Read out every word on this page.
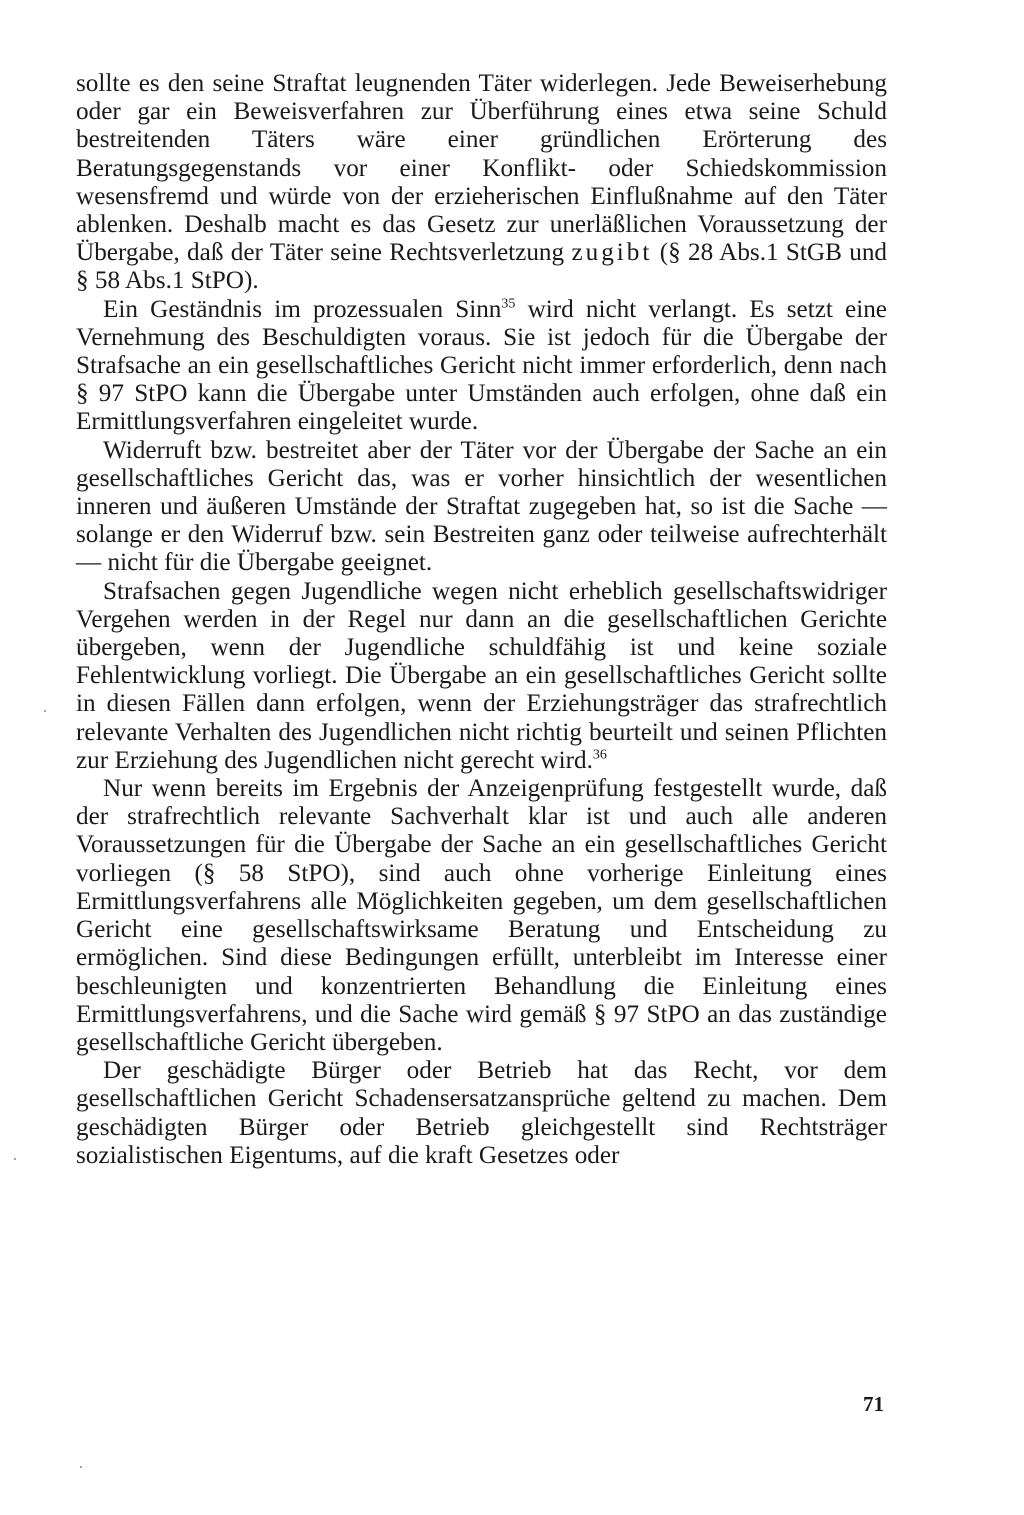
sollte es den seine Straftat leugnenden Täter widerlegen. Jede Beweiserhebung oder gar ein Beweisverfahren zur Überführung eines etwa seine Schuld bestreitenden Täters wäre einer gründlichen Erörterung des Beratungsgegenstands vor einer Konflikt- oder Schiedskommission wesensfremd und würde von der erzieherischen Einflußnahme auf den Täter ablenken. Deshalb macht es das Gesetz zur unerläßlichen Voraussetzung der Übergabe, daß der Täter seine Rechtsverletzung zugibt (§ 28 Abs.1 StGB und § 58 Abs.1 StPO).

Ein Geständnis im prozessualen Sinn$^{35}$ wird nicht verlangt. Es setzt eine Vernehmung des Beschuldigten voraus. Sie ist jedoch für die Übergabe der Strafsache an ein gesellschaftliches Gericht nicht immer erforderlich, denn nach § 97 StPO kann die Übergabe unter Umständen auch erfolgen, ohne daß ein Ermittlungsverfahren eingeleitet wurde.

Widerruft bzw. bestreitet aber der Täter vor der Übergabe der Sache an ein gesellschaftliches Gericht das, was er vorher hinsichtlich der wesentlichen inneren und äußeren Umstände der Straftat zugegeben hat, so ist die Sache — solange er den Widerruf bzw. sein Bestreiten ganz oder teilweise aufrechterhält — nicht für die Übergabe geeignet.

Strafsachen gegen Jugendliche wegen nicht erheblich gesellschaftswidriger Vergehen werden in der Regel nur dann an die gesellschaftlichen Gerichte übergeben, wenn der Jugendliche schuldfähig ist und keine soziale Fehlentwicklung vorliegt. Die Übergabe an ein gesellschaftliches Gericht sollte in diesen Fällen dann erfolgen, wenn der Erziehungsträger das strafrechtlich relevante Verhalten des Jugendlichen nicht richtig beurteilt und seinen Pflichten zur Erziehung des Jugendlichen nicht gerecht wird.$^{36}$

Nur wenn bereits im Ergebnis der Anzeigenprüfung festgestellt wurde, daß der strafrechtlich relevante Sachverhalt klar ist und auch alle anderen Voraussetzungen für die Übergabe der Sache an ein gesellschaftliches Gericht vorliegen (§ 58 StPO), sind auch ohne vorherige Einleitung eines Ermittlungsverfahrens alle Möglichkeiten gegeben, um dem gesellschaftlichen Gericht eine gesellschaftswirksame Beratung und Entscheidung zu ermöglichen. Sind diese Bedingungen erfüllt, unterbleibt im Interesse einer beschleunigten und konzentrierten Behandlung die Einleitung eines Ermittlungsverfahrens, und die Sache wird gemäß § 97 StPO an das zuständige gesellschaftliche Gericht übergeben.

Der geschädigte Bürger oder Betrieb hat das Recht, vor dem gesellschaftlichen Gericht Schadensersatzansprüche geltend zu machen. Dem geschädigten Bürger oder Betrieb gleichgestellt sind Rechtsträger sozialistischen Eigentums, auf die kraft Gesetzes oder

71
